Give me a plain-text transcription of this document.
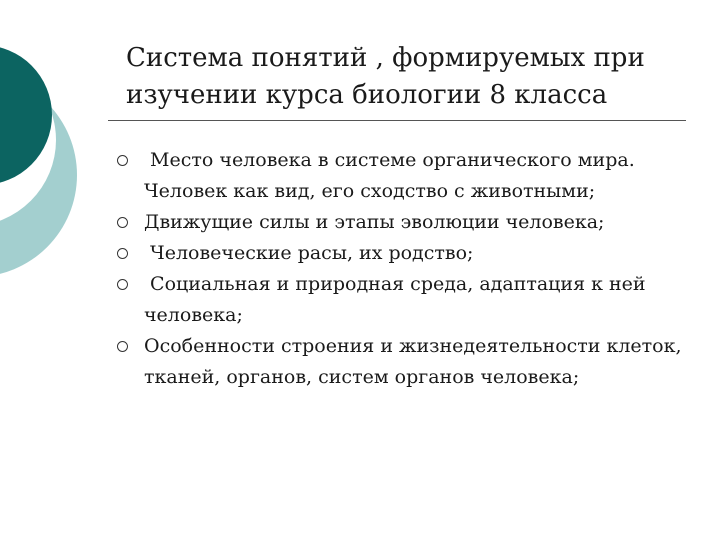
Система понятий , формируемых при
изучении курса биологии 8 класса
Место человека в системе органического мира. Человек как вид, его сходство с животными;
Движущие силы и этапы эволюции человека;
Человеческие расы, их родство;
Социальная и природная среда, адаптация к ней человека;
Особенности строения и жизнедеятельности клеток, тканей, органов, систем органов человека;
